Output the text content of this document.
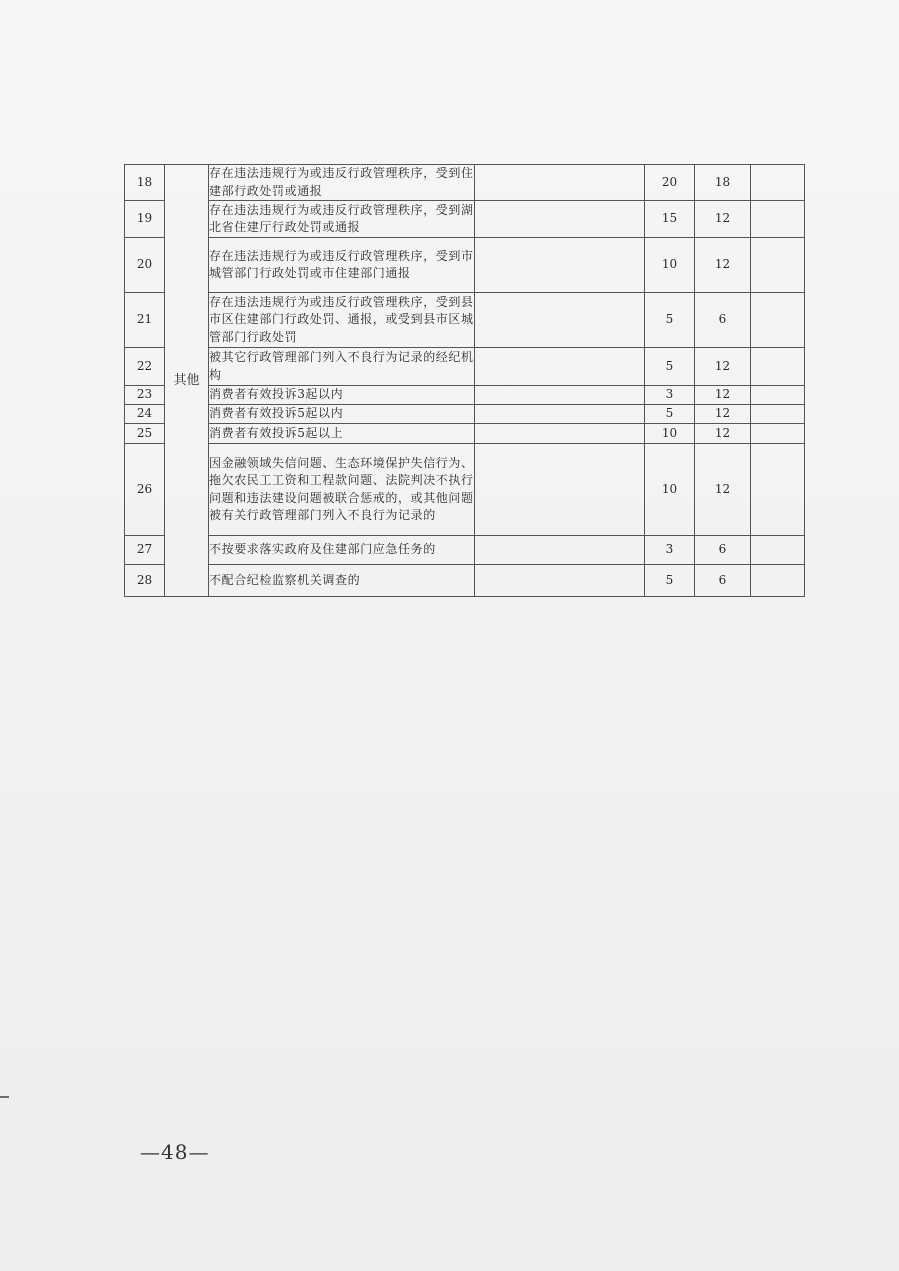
18	其他	存在违法违规行为或违反行政管理秩序，受到住建部行政处罚或通报		20	18	
19		存在违法违规行为或违反行政管理秩序，受到湖北省住建厅行政处罚或通报		15	12	
20		存在违法违规行为或违反行政管理秩序，受到市城管部门行政处罚或市住建部门通报		10	12	
21		存在违法违规行为或违反行政管理秩序，受到县市区住建部门行政处罚、通报，或受到县市区城管部门行政处罚		5	6	
22		被其它行政管理部门列入不良行为记录的经纪机构		5	12	
23		消费者有效投诉3起以内		3	12	
24		消费者有效投诉5起以内		5	12	
25		消费者有效投诉5起以上		10	12	
26		因金融领域失信问题、生态环境保护失信行为、拖欠农民工工资和工程款问题、法院判决不执行问题和违法建设问题被联合惩戒的，或其他问题被有关行政管理部门列入不良行为记录的		10	12	
27		不按要求落实政府及住建部门应急任务的		3	6	
28		不配合纪检监察机关调查的		5	6	
—48—
